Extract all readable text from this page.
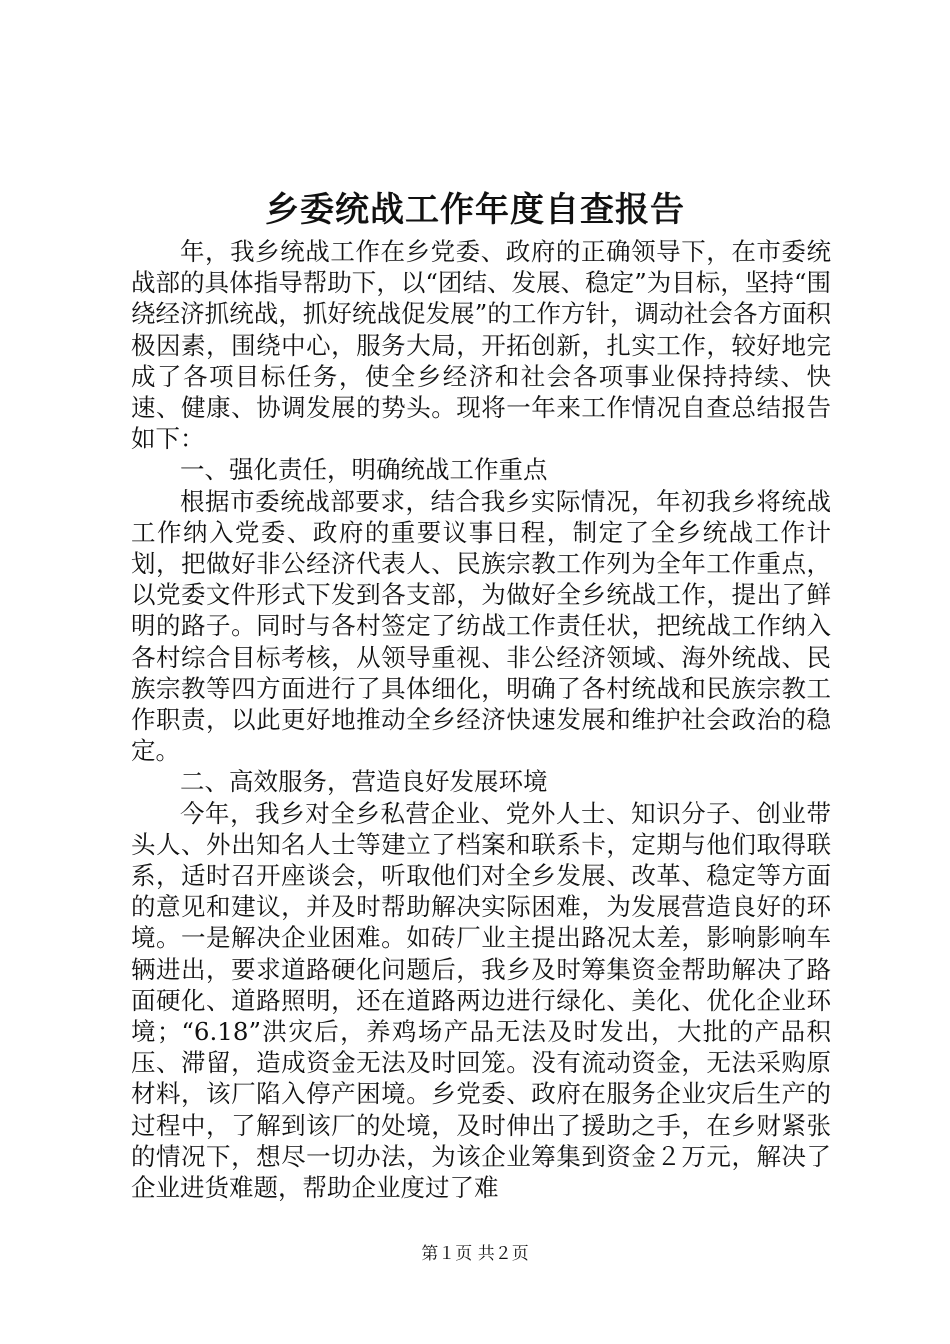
乡委统战工作年度自查报告

年，我乡统战工作在乡党委、政府的正确领导下，在市委统战部的具体指导帮助下，以“团结、发展、稳定”为目标，坚持“围绕经济抓统战，抓好统战促发展”的工作方针，调动社会各方面积极因素，围绕中心，服务大局，开拓创新，扎实工作，较好地完成了各项目标任务，使全乡经济和社会各项事业保持持续、快速、健康、协调发展的势头。现将一年来工作情况自查总结报告如下：

一、强化责任，明确统战工作重点

根据市委统战部要求，结合我乡实际情况，年初我乡将统战工作纳入党委、政府的重要议事日程，制定了全乡统战工作计划，把做好非公经济代表人、民族宗教工作列为全年工作重点，以党委文件形式下发到各支部，为做好全乡统战工作，提出了鲜明的路子。同时与各村签定了纺战工作责任状，把统战工作纳入各村综合目标考核，从领导重视、非公经济领域、海外统战、民族宗教等四方面进行了具体细化，明确了各村统战和民族宗教工作职责，以此更好地推动全乡经济快速发展和维护社会政治的稳定。

二、高效服务，营造良好发展环境

今年，我乡对全乡私营企业、党外人士、知识分子、创业带头人、外出知名人士等建立了档案和联系卡，定期与他们取得联系，适时召开座谈会，听取他们对全乡发展、改革、稳定等方面的意见和建议，并及时帮助解决实际困难，为发展营造良好的环境。一是解决企业困难。如砖厂业主提出路况太差，影响影响车辆进出，要求道路硬化问题后，我乡及时筹集资金帮助解决了路面硬化、道路照明，还在道路两边进行绿化、美化、优化企业环境；“6.18”洪灾后，养鸡场产品无法及时发出，大批的产品积压、滞留，造成资金无法及时回笼。没有流动资金，无法采购原材料，该厂陷入停产困境。乡党委、政府在服务企业灾后生产的过程中，了解到该厂的处境，及时伸出了援助之手，在乡财紧张的情况下，想尽一切办法，为该企业筹集到资金２万元，解决了企业进货难题，帮助企业度过了难

第１页 共２页
